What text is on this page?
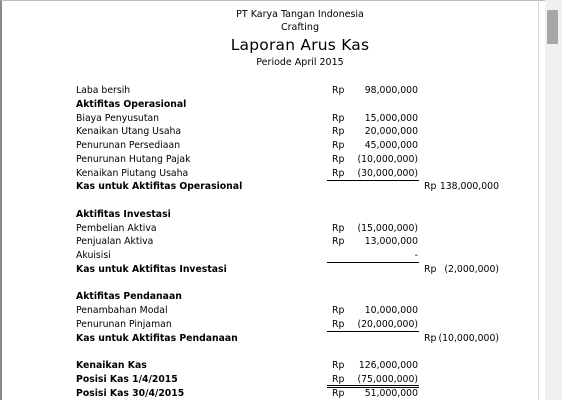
PT Karya Tangan Indonesia
Crafting
Laporan Arus Kas
Periode April 2015
Laba bersih	Rp 98,000,000
Aktifitas Operasional
Biaya Penyusutan	Rp 15,000,000
Kenaikan Utang Usaha	Rp 20,000,000
Penurunan Persediaan	Rp 45,000,000
Penurunan Hutang Pajak	Rp (10,000,000)
Kenaikan Piutang Usaha	Rp (30,000,000)
Kas untuk Aktifitas Operasional	Rp 138,000,000
Aktifitas Investasi
Pembelian Aktiva	Rp (15,000,000)
Penjualan Aktiva	Rp 13,000,000
Akuisisi	-
Kas untuk Aktifitas Investasi	Rp (2,000,000)
Aktifitas Pendanaan
Penambahan Modal	Rp 10,000,000
Penurunan Pinjaman	Rp (20,000,000)
Kas untuk Aktifitas Pendanaan	Rp (10,000,000)
Kenaikan Kas	Rp 126,000,000
Posisi Kas 1/4/2015	Rp (75,000,000)
Posisi Kas 30/4/2015	Rp 51,000,000
